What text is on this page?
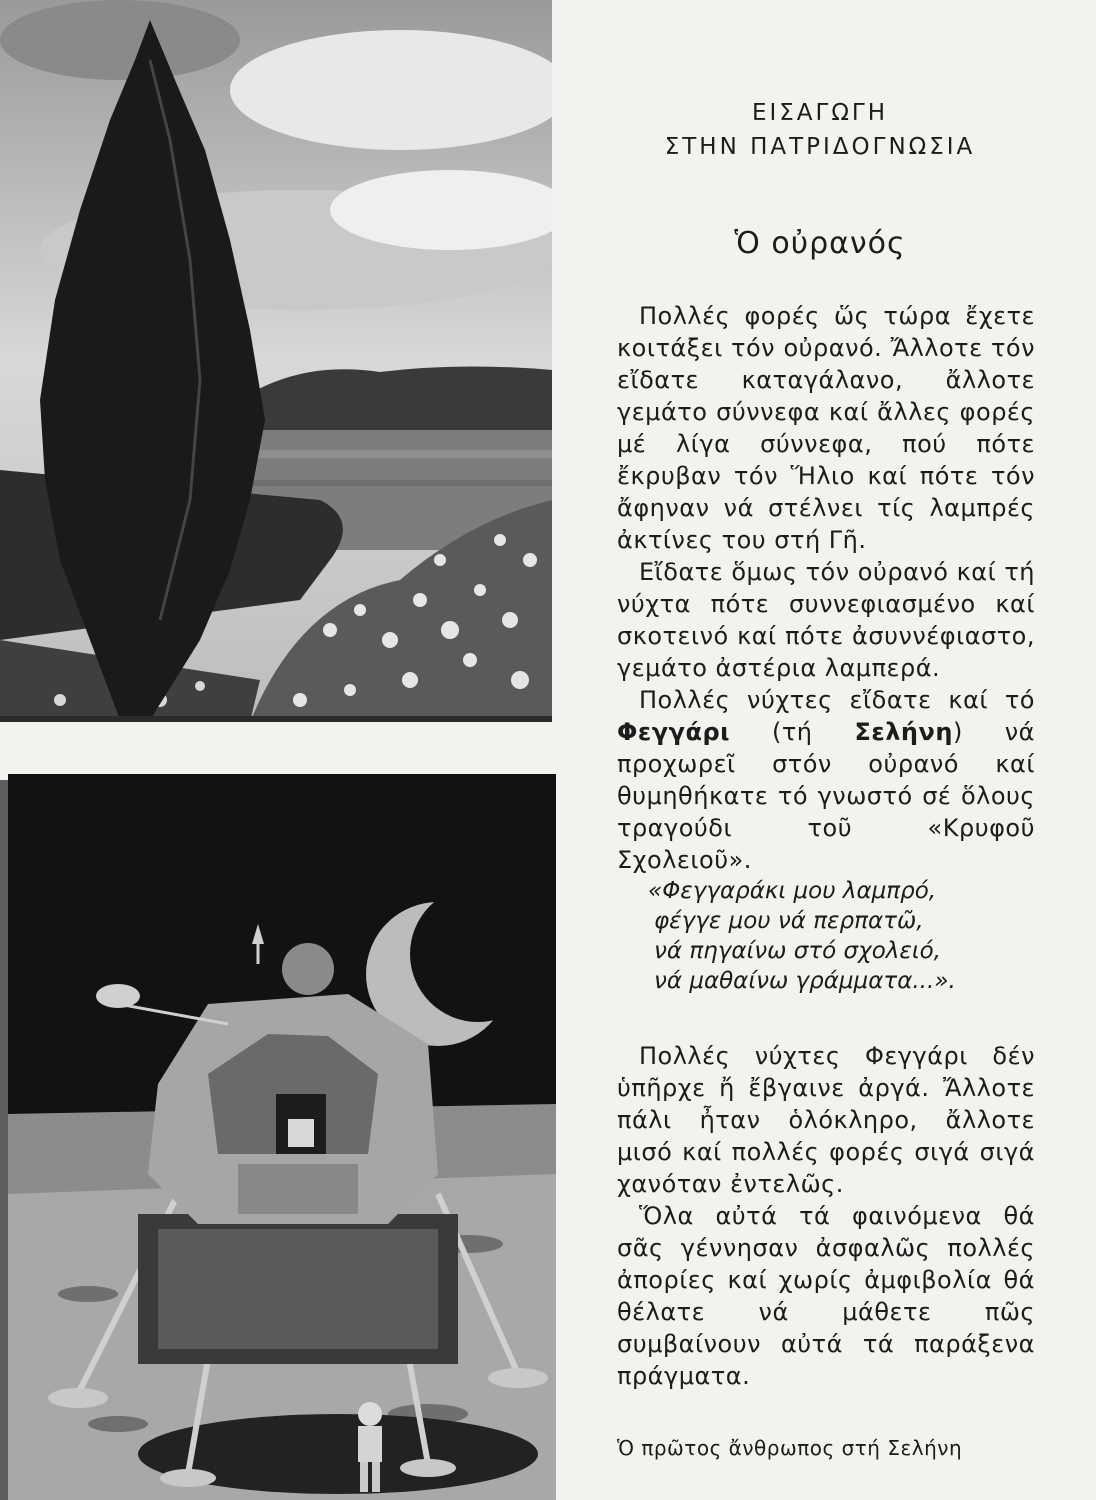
ΕΙΣΑΓΩΓΗ
ΣΤΗΝ ΠΑΤΡΙΔΟΓΝΩΣΙΑ
Ὁ οὐρανός

Πολλές φορές ὥς τώρα ἔχετε κοιτάξει τόν οὐρανό. Ἄλλοτε τόν εἴδατε καταγάλανο, ἄλλοτε γεμάτο σύννεφα καί ἄλλες φορές μέ λίγα σύννεφα, πού πότε ἔκρυβαν τόν Ἥλιο καί πότε τόν ἄφηναν νά στέλνει τίς λαμπρές ἀκτίνες του στή Γῆ.

Εἴδατε ὅμως τόν οὐρανό καί τή νύχτα πότε συννεφιασμένο καί σκοτεινό καί πότε ἀσυννέφιαστο, γεμάτο ἀστέρια λαμπερά.

Πολλές νύχτες εἴδατε καί τό Φεγγάρι (τή Σελήνη) νά προχωρεῖ στόν οὐρανό καί θυμηθήκατε τό γνωστό σέ ὅλους τραγούδι τοῦ «Κρυφοῦ Σχολειοῦ».

«Φεγγαράκι μου λαμπρό,
φέγγε μου νά περπατῶ,
νά πηγαίνω στό σχολειό,
νά μαθαίνω γράμματα...».

Πολλές νύχτες Φεγγάρι δέν ὑπῆρχε ἤ ἔβγαινε ἀργά. Ἄλλοτε πάλι ἦταν ὁλόκληρο, ἄλλοτε μισό καί πολλές φορές σιγά σιγά χανόταν ἐντελῶς.

Ὅλα αὐτά τά φαινόμενα θά σᾶς γέννησαν ἀσφαλῶς πολλές ἀπορίες καί χωρίς ἀμφιβολία θά θέλατε νά μάθετε πῶς συμβαίνουν αὐτά τά παράξενα πράγματα.

Ὁ πρῶτος ἄνθρωπος στή Σελήνη
